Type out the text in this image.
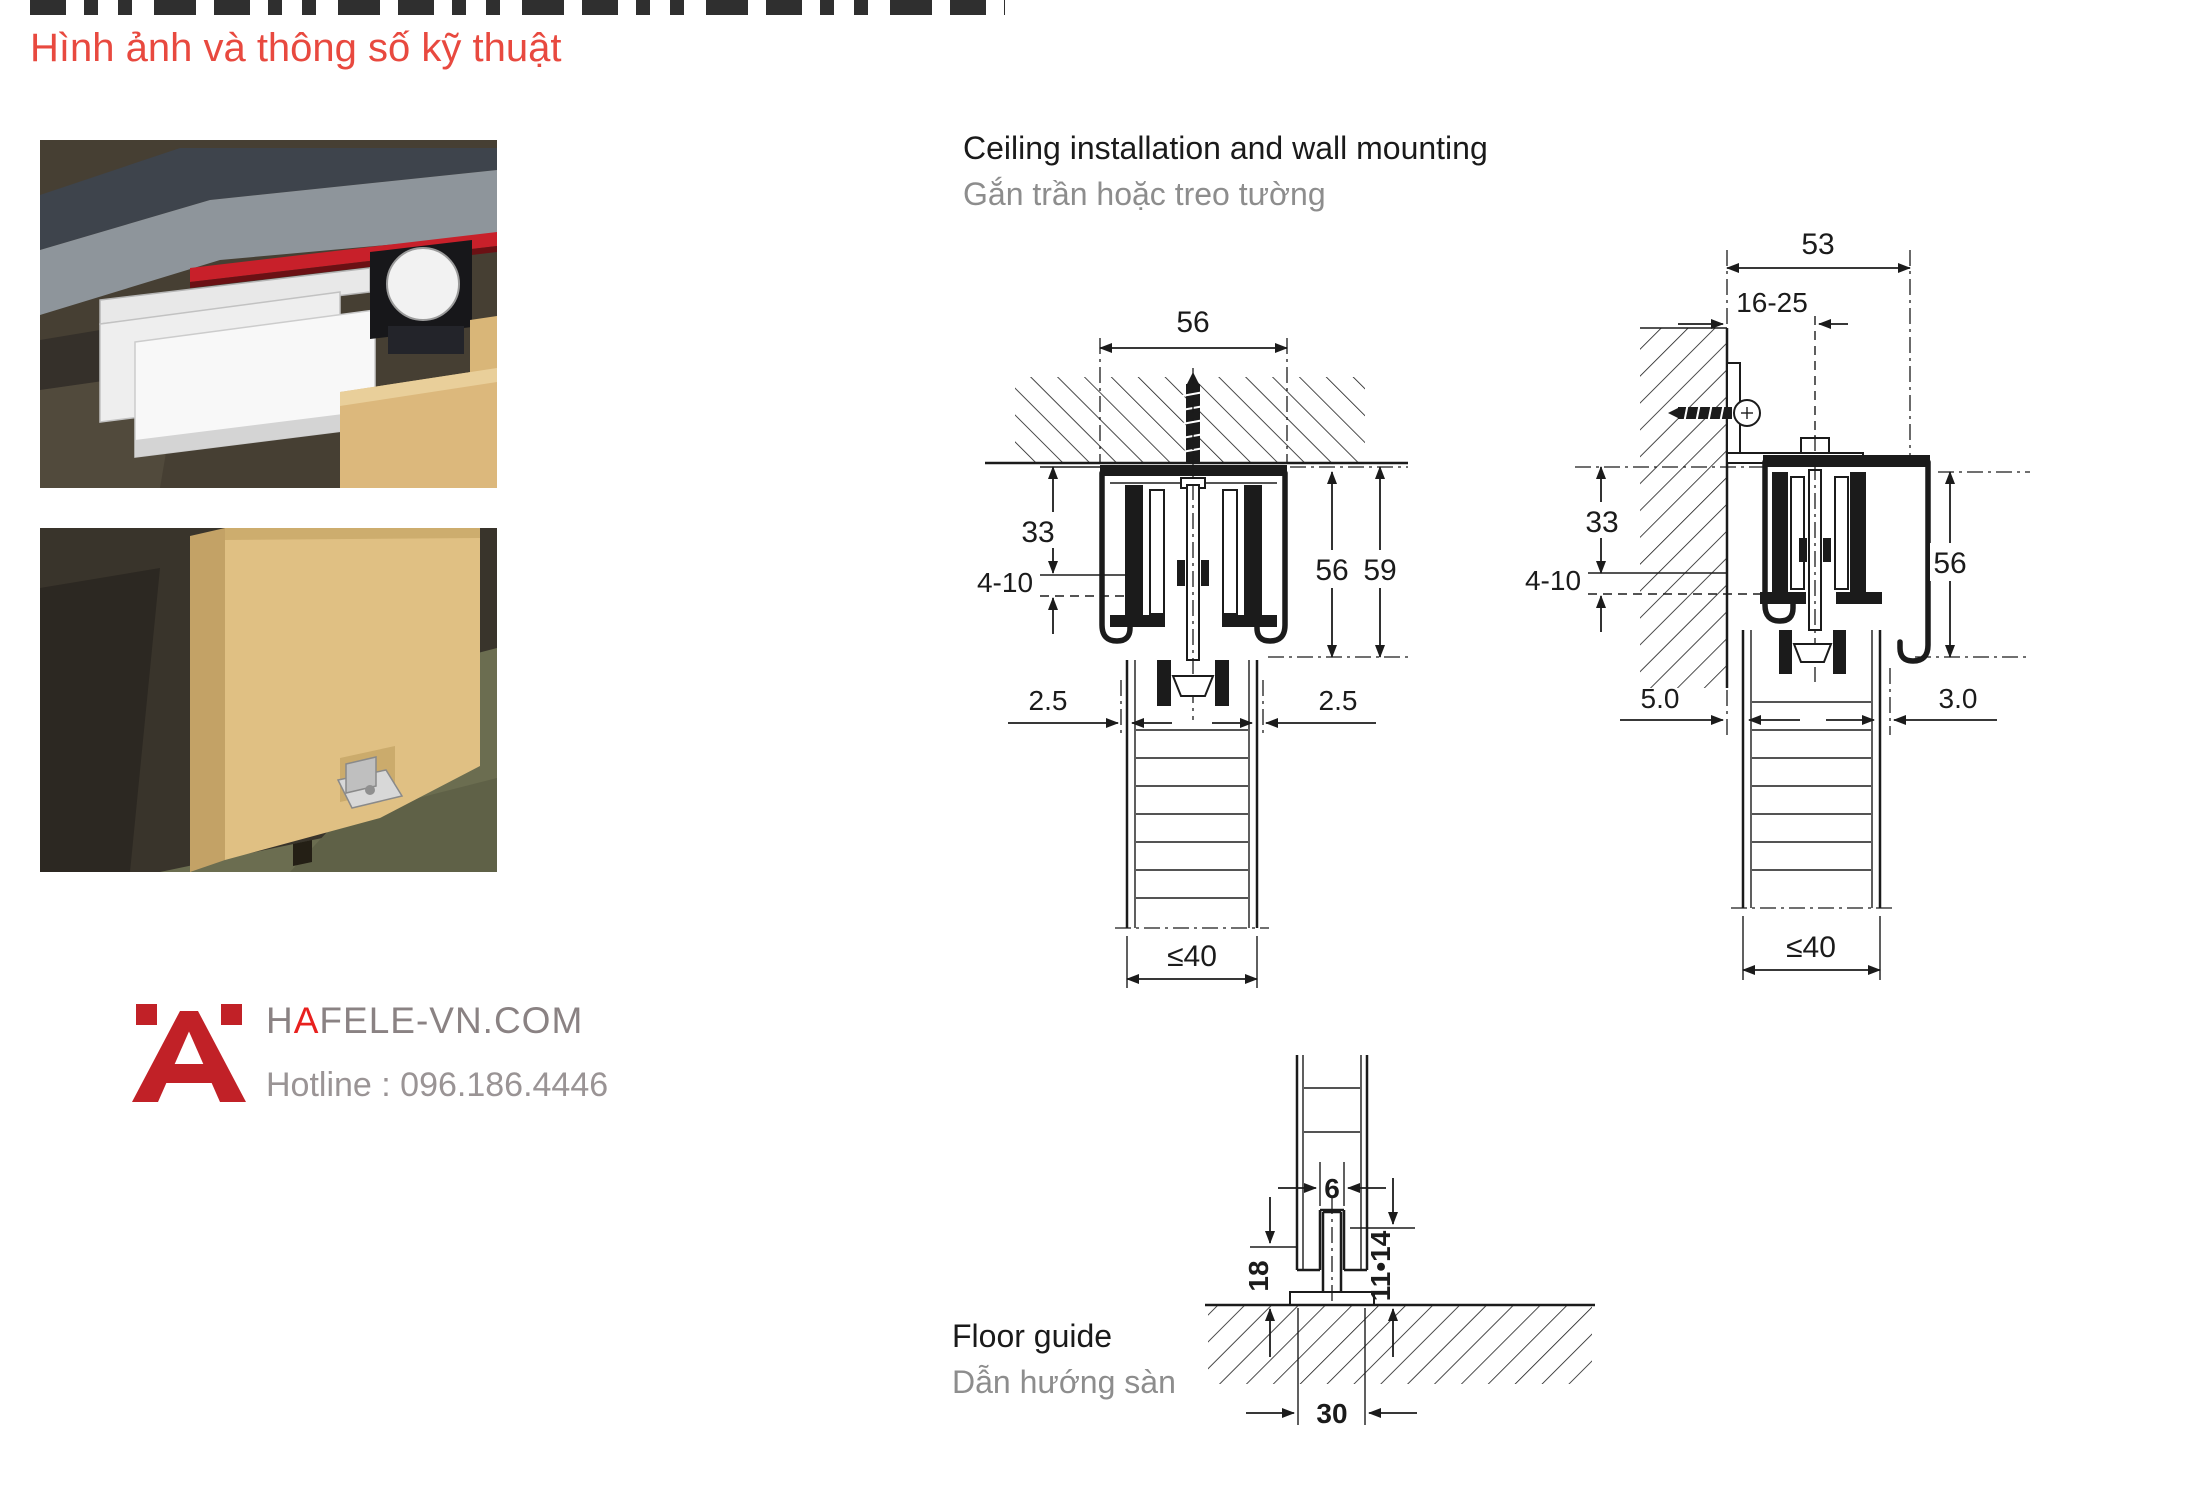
Hình ảnh và thông số kỹ thuật
HAFELE-VN.COM
Hotline : 096.186.4446
Ceiling installation and wall mounting
Gắn trần hoặc treo tường
56
33
4-10	56 59
2.5	2.5
≤40
53
16-25
33
4-10
56
5.0	3.0
≤40
6
18	11•14
30
Floor guide
Dẫn hướng sàn
